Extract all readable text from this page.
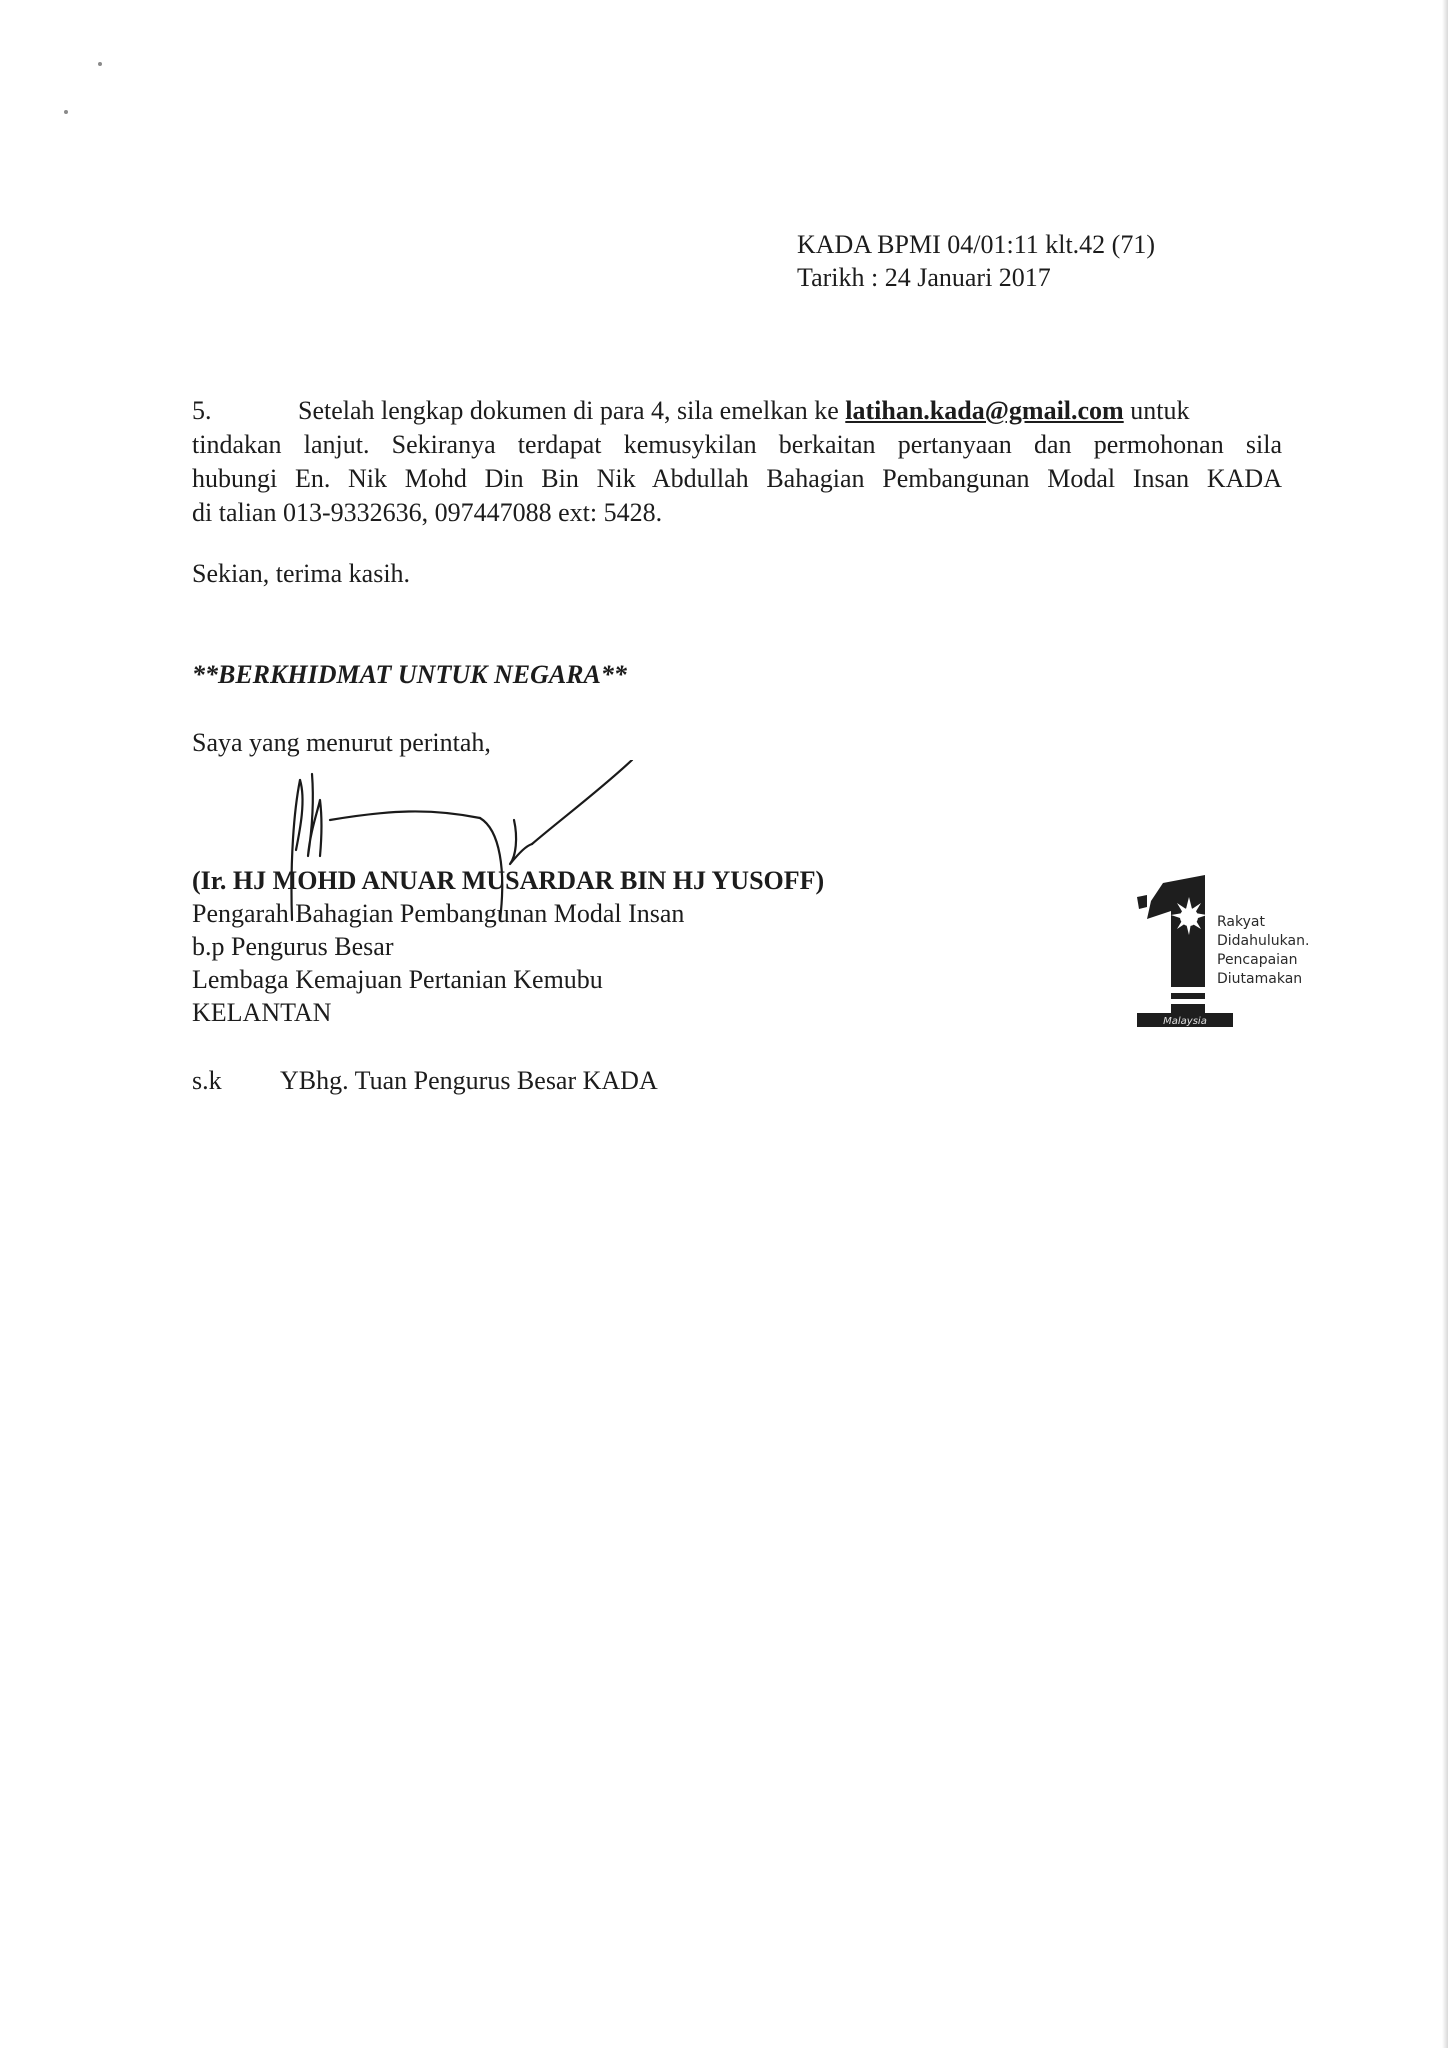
KADA BPMI 04/01:11 klt.42 (71)
Tarikh : 24 Januari 2017
5.	Setelah lengkap dokumen di para 4, sila emelkan ke latihan.kada@gmail.com untuk
tindakan lanjut. Sekiranya terdapat kemusykilan berkaitan pertanyaan dan permohonan sila
hubungi En. Nik Mohd Din Bin Nik Abdullah Bahagian Pembangunan Modal Insan KADA
di talian 013-9332636, 097447088 ext: 5428.
Sekian, terima kasih.
**BERKHIDMAT UNTUK NEGARA**
Saya yang menurut perintah,
(Ir. HJ MOHD ANUAR MUSARDAR BIN HJ YUSOFF)
Pengarah Bahagian Pembangunan Modal Insan
b.p Pengurus Besar
Lembaga Kemajuan Pertanian Kemubu
KELANTAN
s.k YBhg. Tuan Pengurus Besar KADA
Malaysia
Rakyat
Didahulukan.
Pencapaian
Diutamakan
